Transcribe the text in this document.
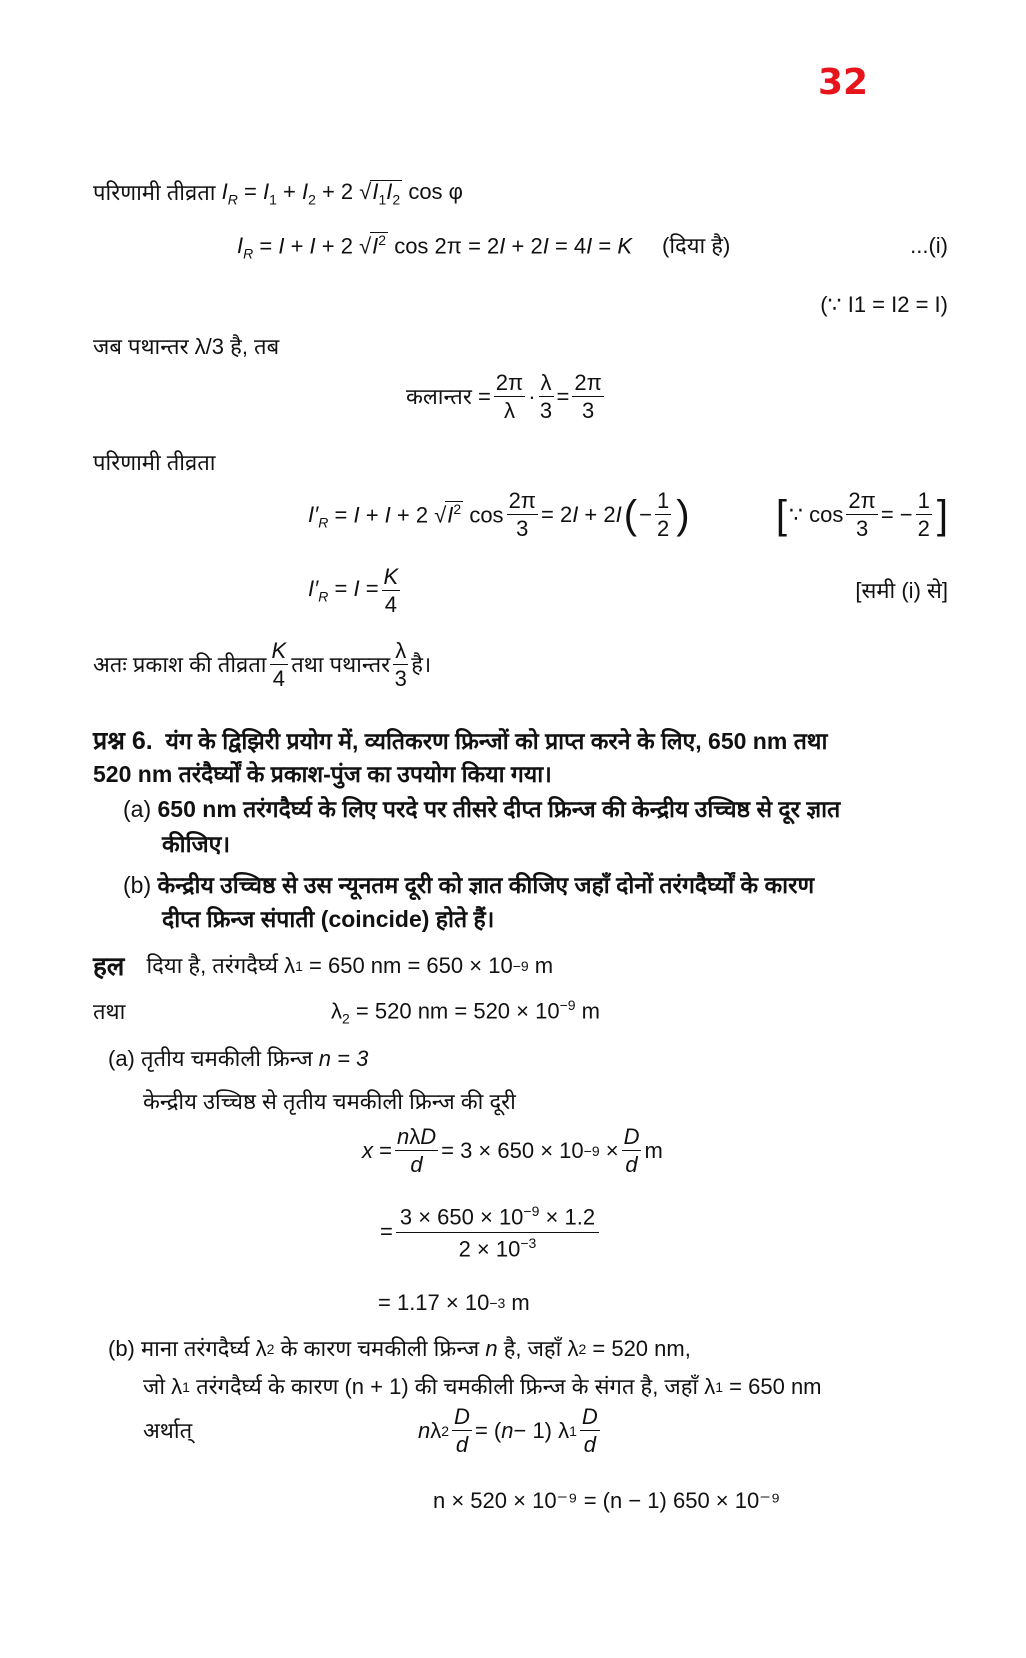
32
परिणामी तीव्रता
$I_R = I_1 + I_2 + 2$ $√I_1I_2$ cos φ
$I_R = I + I + 2$ $√I^2$ cos 2π = 2I + 2I = 4I = K (दिया है)	...(i)
(∵ I1 = I2 = I)
जब पथान्तर λ/3 है, तब
कलान्तर =
2π
λ
·
λ
3
=
2π
3
परिणामी तीव्रता
$I'_R = I + I + 2$ $√I^2$ $\cos \frac{2\pi}{3} = 2I + 2I$ ( −
1
2 ) [ ∵ cos
2π
3
= −
1
2 ]
$I'_R = I = \frac{K}{4}$	[समी (i) से]
अतः प्रकाश की तीव्रता
K
4
तथा पथान्तर
λ
3
है।
प्रश्न 6.
यंग के द्विझिरी प्रयोग में, व्यतिकरण फ्रिन्जों को प्राप्त करने के लिए, 650 nm तथा
520 nm तरंदैर्घ्यों के प्रकाश-पुंज का उपयोग किया गया।
(a)
650 nm तरंगदैर्घ्य के लिए परदे पर तीसरे दीप्त फ्रिन्ज की केन्द्रीय उच्चिष्ठ से दूर ज्ञात
कीजिए।
(b)
केन्द्रीय उच्चिष्ठ से उस न्यूनतम दूरी को ज्ञात कीजिए जहाँ दोनों तरंगदैर्घ्यों के कारण
दीप्त फ्रिन्ज संपाती (coincide) होते हैं।
हल दिया है, तरंगदैर्घ्य λ 1
= 650 nm = 650 × 10 −9 m
तथा	$\lambda_2 = 520$ nm = $520 \times 10^{-9}$ m
(a) तृतीय चमकीली फ्रिन्ज
n = 3
केन्द्रीय उच्चिष्ठ से तृतीय चमकीली फ्रिन्ज की दूरी
x =
nλD
d
= 3 × 650 × 10 −9 ×
D
d
m
=
$3 \times 650 \times 10^{-9} \times 1.2$
$2 \times 10^{-3}$
= 1.17 × 10 −3 m
(b) माना तरंगदैर्घ्य λ 2
के कारण चमकीली फ्रिन्ज
n
है, जहाँ λ 2
= 520 nm,
जो λ 1
तरंगदैर्घ्य के कारण (n + 1) की चमकीली फ्रिन्ज के संगत है, जहाँ λ 1
= 650 nm
अर्थात्	n λ 2
D
d
= ( n − 1) λ 1
D
d
n × 520 × 10⁻⁹ = (n − 1) 650 × 10⁻⁹
